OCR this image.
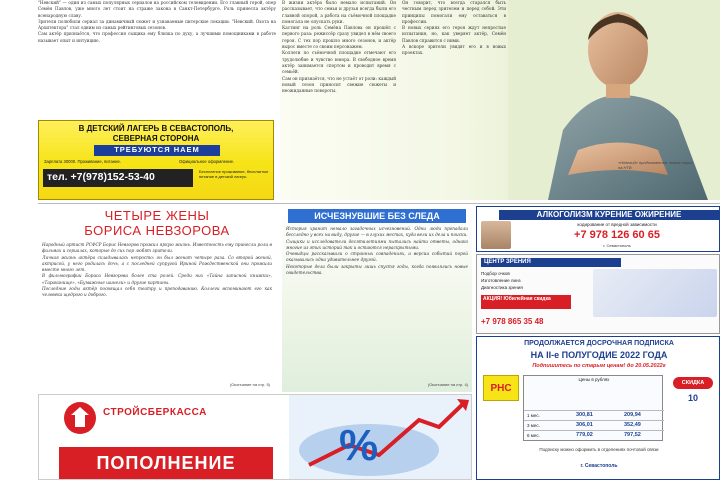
"Невский" — один из самых популярных сериалов на российском телевидении. Его главный герой, опер Семён Павлов, уже много лет стоит на страже закона в Санкт-Петербурге. Роль принесла актёру всенародную славу.

Зрители полюбили сериал за динамичный сюжет и узнаваемые питерские локации. "Невский. Охота на Архитектора" стал одним из самых рейтинговых сезонов.

Сам актёр признаётся, что профессия сыщика ему близка по духу, а лучшими помощниками в работе называет опыт и интуицию.

В ДЕТСКИЙ ЛАГЕРЬ В СЕВАСТОПОЛЬ,
СЕВЕРНАЯ СТОРОНА
ТРЕБУЮТСЯ НАЕМ
Зарплата 30000. Проживание, питание.	Официальное оформление.
тел. +7(978)152-53-40	Бесплатное проживание, бесплатное питание в детский лагерь

В жизни актёра было немало испытаний. Он рассказывает, что семья и друзья всегда были его главной опорой, а работа на съёмочной площадке помогала не опускать руки.

Кастинг на роль Семёна Павлова он прошёл с первого раза: режиссёр сразу увидел в нём своего героя. С тех пор прошло много сезонов, и актёр вырос вместе со своим персонажем.

Коллеги по съёмочной площадке отмечают его трудолюбие и чувство юмора. В свободное время актёр занимается спортом и проводит время с семьёй.

Сам он признаётся, что не устаёт от роли: каждый новый сезон приносит свежие сюжеты и неожиданные повороты.

Он говорит, что всегда старался быть честным перед зрителем и перед собой. Эти принципы помогали ему оставаться в профессии.

В новых сериях его героя ждут непростые испытания, но, как уверяет актёр, Семён Павлов справится с ними.

А вскоре зрители увидят его и в новых проектах.

«Невский» продолжается: новые серии на НТВ
ЧЕТЫРЕ ЖЕНЫ
БОРИСА НЕВЗОРОВА

Народный артист РСФСР Борис Невзоров прожил яркую жизнь. Известность ему принесли роли в фильмах и сериалах, которые до сих пор любят зрители.

Личная жизнь актёра складывалась непросто: он был женат четыре раза. Со второй женой, актрисой, у него родилась дочь, а с последней супругой Ириной Рождественской они прожили вместе много лет.

В фильмографии Бориса Невзорова более ста ролей. Среди них «Тайна записной книжки», «Тараканище», «Бумажные шинели» и другие картины.

Последние годы актёр посвящал себя театру и преподаванию. Коллеги вспоминают его как человека щедрого и доброго.

(Окончание на стр. 5)
ИСЧЕЗНУВШИЕ БЕЗ СЛЕДА

История хранит немало загадочных исчезновений. Одни люди пропадали бесследно у всех на виду, другие — в глухих местах, куда вели их дела и поиски.

Сыщики и исследователи десятилетиями пытались найти ответы, однако многие из этих историй так и остаются нераскрытыми.

Очевидцы рассказывали о странных совпадениях, а версии событий порой оказывались одна удивительнее другой.

Некоторые дела были закрыты лишь спустя годы, когда появлялись новые свидетельства.

(Окончание на стр. 4)
АЛКОГОЛИЗМ КУРЕНИЕ ОЖИРЕНИЕ
кодирование от вредной зависимости
+7 978 126 60 65
г. Севастополь
ЦЕНТР ЗРЕНИЯ
Подбор очков
Изготовление линз
Диагностика зрения
АКЦИЯ! Юбилейная скидка
+7 978 865 35 48
ПРОДОЛЖАЕТСЯ ДОСРОЧНАЯ ПОДПИСКА
НА II-е ПОЛУГОДИЕ 2022 ГОДА
Подпишитесь по старым ценам! до 20.05.2022г
РНС
Цены в рублях
1 мес.	300,81	209,94
3 мес.	306,01	352,49
6 мес.	779,02	797,52
СКИДКА
10
Подписку можно оформить в отделениях почтовой связи
г. Севастополь
СТРОЙСБЕРКАССА
ПОПОЛНЕНИЕ	%
